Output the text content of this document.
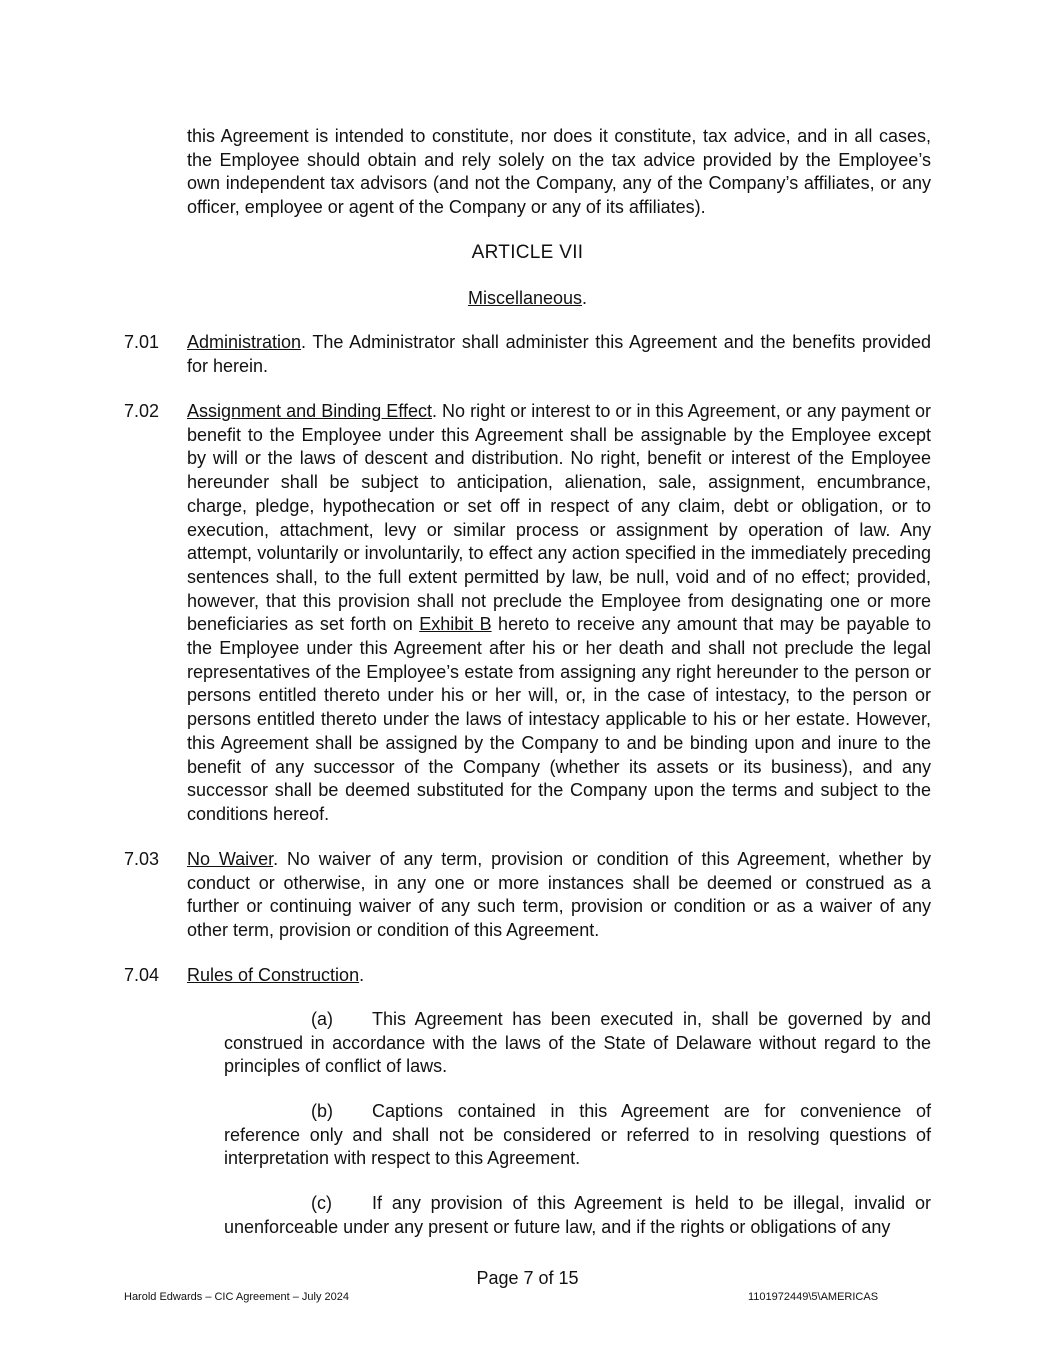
this Agreement is intended to constitute, nor does it constitute, tax advice, and in all cases, the Employee should obtain and rely solely on the tax advice provided by the Employee’s own independent tax advisors (and not the Company, any of the Company’s affiliates, or any officer, employee or agent of the Company or any of its affiliates).

ARTICLE VII
Miscellaneous.
7.01 Administration. The Administrator shall administer this Agreement and the benefits provided for herein.

7.02 Assignment and Binding Effect. No right or interest to or in this Agreement, or any payment or benefit to the Employee under this Agreement shall be assignable by the Employee except by will or the laws of descent and distribution. No right, benefit or interest of the Employee hereunder shall be subject to anticipation, alienation, sale, assignment, encumbrance, charge, pledge, hypothecation or set off in respect of any claim, debt or obligation, or to execution, attachment, levy or similar process or assignment by operation of law. Any attempt, voluntarily or involuntarily, to effect any action specified in the immediately preceding sentences shall, to the full extent permitted by law, be null, void and of no effect; provided, however, that this provision shall not preclude the Employee from designating one or more beneficiaries as set forth on Exhibit B hereto to receive any amount that may be payable to the Employee under this Agreement after his or her death and shall not preclude the legal representatives of the Employee’s estate from assigning any right hereunder to the person or persons entitled thereto under his or her will, or, in the case of intestacy, to the person or persons entitled thereto under the laws of intestacy applicable to his or her estate. However, this Agreement shall be assigned by the Company to and be binding upon and inure to the benefit of any successor of the Company (whether its assets or its business), and any successor shall be deemed substituted for the Company upon the terms and subject to the conditions hereof.

7.03 No Waiver. No waiver of any term, provision or condition of this Agreement, whether by conduct or otherwise, in any one or more instances shall be deemed or construed as a further or continuing waiver of any such term, provision or condition or as a waiver of any other term, provision or condition of this Agreement.

7.04 Rules of Construction.

(a) This Agreement has been executed in, shall be governed by and construed in accordance with the laws of the State of Delaware without regard to the principles of conflict of laws.

(b) Captions contained in this Agreement are for convenience of reference only and shall not be considered or referred to in resolving questions of interpretation with respect to this Agreement.

(c) If any provision of this Agreement is held to be illegal, invalid or unenforceable under any present or future law, and if the rights or obligations of any

Page 7 of 15
Harold Edwards – CIC Agreement – July 2024	1101972449\5\AMERICAS
